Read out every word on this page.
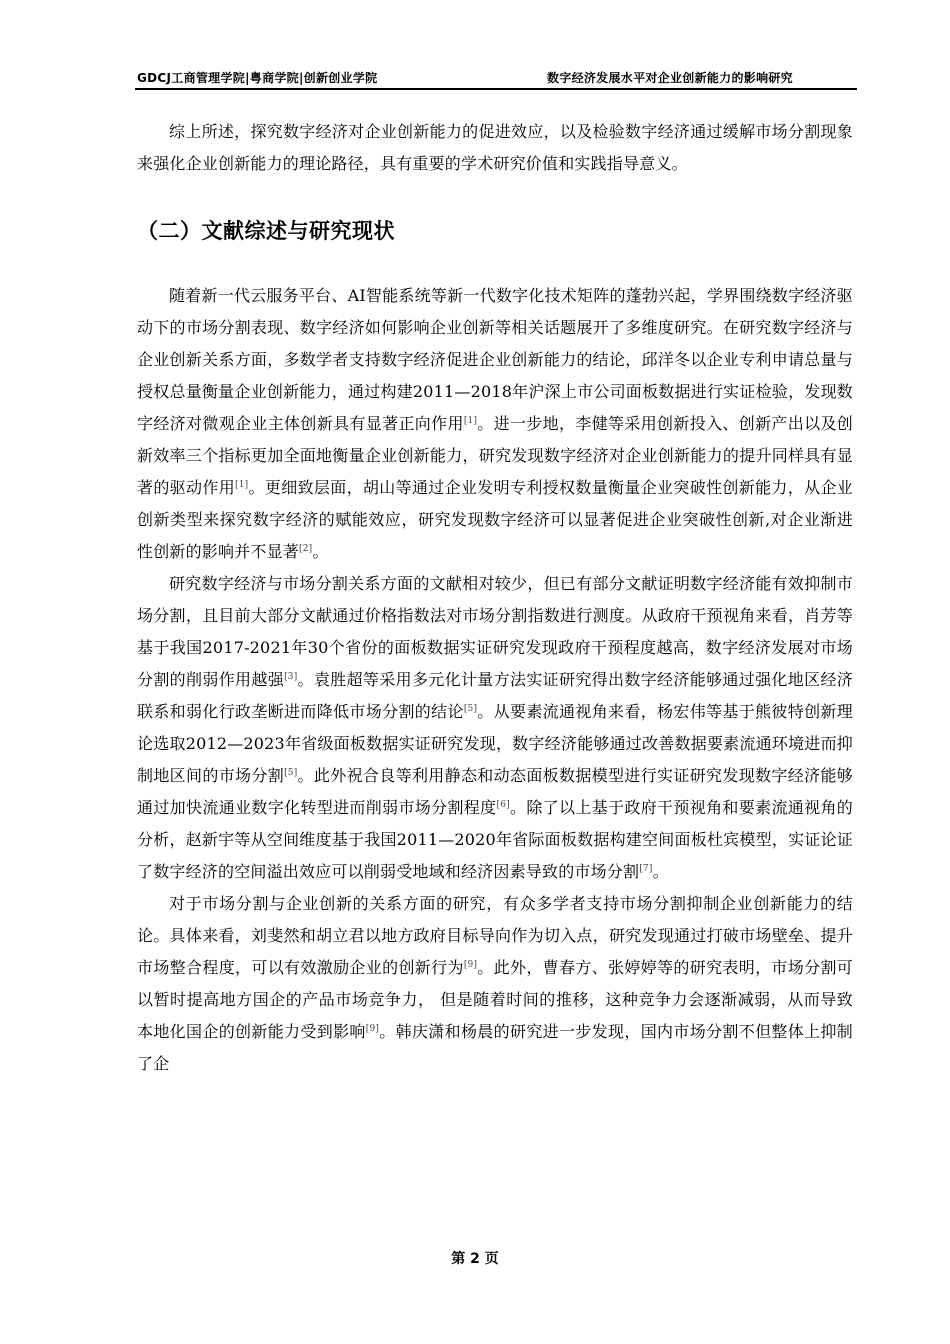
GDCJ工商管理学院|粤商学院|创新创业学院	数字经济发展水平对企业创新能力的影响研究

综上所述，探究数字经济对企业创新能力的促进效应，以及检验数字经济通过缓解市场分割现象来强化企业创新能力的理论路径，具有重要的学术研究价值和实践指导意义。

（二）文献综述与研究现状

随着新一代云服务平台、AI智能系统等新一代数字化技术矩阵的蓬勃兴起，学界围绕数字经济驱动下的市场分割表现、数字经济如何影响企业创新等相关话题展开了多维度研究。在研究数字经济与企业创新关系方面，多数学者支持数字经济促进企业创新能力的结论，邱洋冬以企业专利申请总量与授权总量衡量企业创新能力，通过构建2011—2018年沪深上市公司面板数据进行实证检验，发现数字经济对微观企业主体创新具有显著正向作用[1]。进一步地，李健等采用创新投入、创新产出以及创新效率三个指标更加全面地衡量企业创新能力，研究发现数字经济对企业创新能力的提升同样具有显著的驱动作用[1]。更细致层面，胡山等通过企业发明专利授权数量衡量企业突破性创新能力，从企业创新类型来探究数字经济的赋能效应，研究发现数字经济可以显著促进企业突破性创新,对企业渐进性创新的影响并不显著[2]。

研究数字经济与市场分割关系方面的文献相对较少，但已有部分文献证明数字经济能有效抑制市场分割，且目前大部分文献通过价格指数法对市场分割指数进行测度。从政府干预视角来看，肖芳等基于我国2017-2021年30个省份的面板数据实证研究发现政府干预程度越高，数字经济发展对市场分割的削弱作用越强[3]。袁胜超等采用多元化计量方法实证研究得出数字经济能够通过强化地区经济联系和弱化行政垄断进而降低市场分割的结论[5]。从要素流通视角来看，杨宏伟等基于熊彼特创新理论选取2012—2023年省级面板数据实证研究发现，数字经济能够通过改善数据要素流通环境进而抑制地区间的市场分割[5]。此外祝合良等利用静态和动态面板数据模型进行实证研究发现数字经济能够通过加快流通业数字化转型进而削弱市场分割程度[6]。除了以上基于政府干预视角和要素流通视角的分析，赵新宇等从空间维度基于我国2011—2020年省际面板数据构建空间面板杜宾模型，实证论证了数字经济的空间溢出效应可以削弱受地域和经济因素导致的市场分割[7]。

对于市场分割与企业创新的关系方面的研究，有众多学者支持市场分割抑制企业创新能力的结论。具体来看，刘斐然和胡立君以地方政府目标导向作为切入点，研究发现通过打破市场壁垒、提升市场整合程度，可以有效激励企业的创新行为[9]。此外，曹春方、张婷婷等的研究表明，市场分割可以暂时提高地方国企的产品市场竞争力， 但是随着时间的推移，这种竞争力会逐渐减弱，从而导致本地化国企的创新能力受到影响[9]。韩庆潇和杨晨的研究进一步发现，国内市场分割不但整体上抑制了企

第 2 页
